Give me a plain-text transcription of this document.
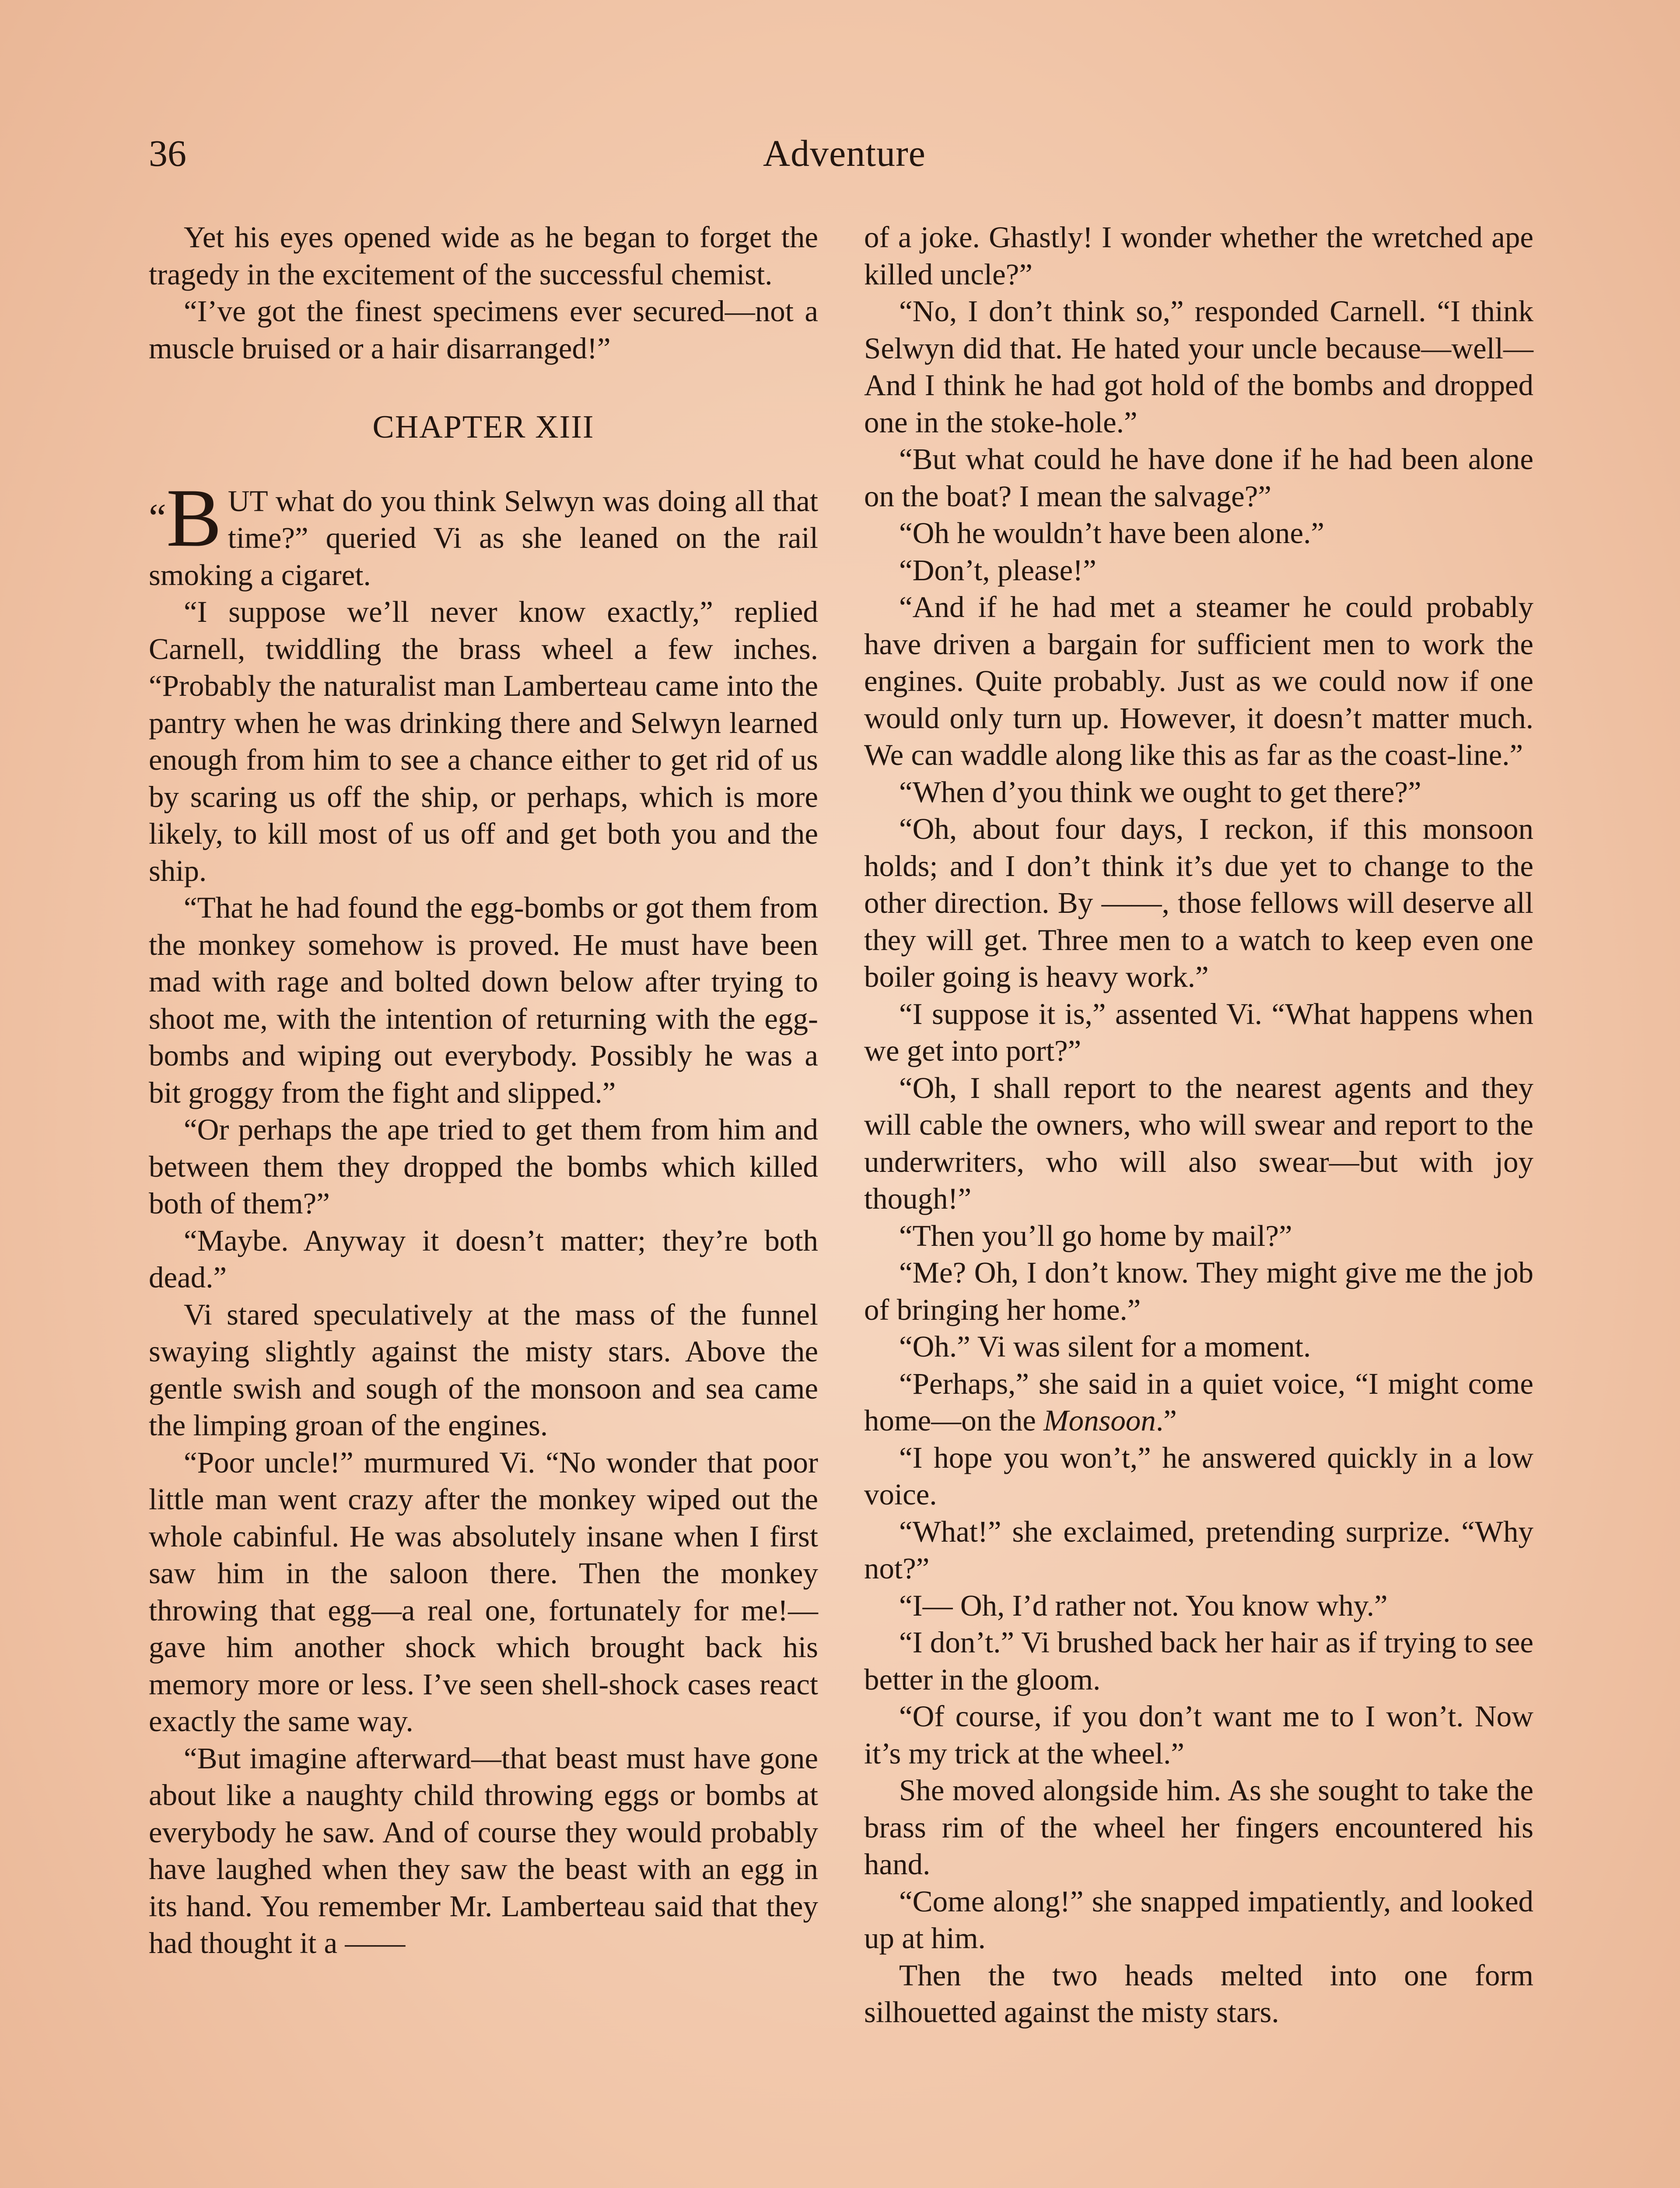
36	Adventure

Yet his eyes opened wide as he began to forget the tragedy in the excitement of the successful chemist.

“I’ve got the finest specimens ever secured—not a muscle bruised or a hair disarranged!”

CHAPTER XIII

“B UT what do you think Selwyn was doing all that time?” queried Vi as she leaned on the rail smoking a cigaret.

“I suppose we’ll never know exactly,” replied Carnell, twiddling the brass wheel a few inches. “Probably the naturalist man Lamberteau came into the pantry when he was drinking there and Selwyn learned enough from him to see a chance either to get rid of us by scaring us off the ship, or perhaps, which is more likely, to kill most of us off and get both you and the ship.

“That he had found the egg-bombs or got them from the monkey somehow is proved. He must have been mad with rage and bolted down below after trying to shoot me, with the intention of returning with the egg-bombs and wiping out everybody. Possibly he was a bit groggy from the fight and slipped.”

“Or perhaps the ape tried to get them from him and between them they dropped the bombs which killed both of them?”

“Maybe. Anyway it doesn’t matter; they’re both dead.”

Vi stared speculatively at the mass of the funnel swaying slightly against the misty stars. Above the gentle swish and sough of the monsoon and sea came the limping groan of the engines.

“Poor uncle!” murmured Vi. “No wonder that poor little man went crazy after the monkey wiped out the whole cabinful. He was absolutely insane when I first saw him in the saloon there. Then the monkey throwing that egg—a real one, fortunately for me!—gave him another shock which brought back his memory more or less. I’ve seen shell-shock cases react exactly the same way.

“But imagine afterward—that beast must have gone about like a naughty child throwing eggs or bombs at everybody he saw. And of course they would probably have laughed when they saw the beast with an egg in its hand. You remember Mr. Lamberteau said that they had thought it a ——

of a joke. Ghastly! I wonder whether the wretched ape killed uncle?”

“No, I don’t think so,” responded Carnell. “I think Selwyn did that. He hated your uncle because—well— And I think he had got hold of the bombs and dropped one in the stoke-hole.”

“But what could he have done if he had been alone on the boat? I mean the salvage?”

“Oh he wouldn’t have been alone.”

“Don’t, please!”

“And if he had met a steamer he could probably have driven a bargain for sufficient men to work the engines. Quite probably. Just as we could now if one would only turn up. However, it doesn’t matter much. We can waddle along like this as far as the coast-line.”

“When d’you think we ought to get there?”

“Oh, about four days, I reckon, if this monsoon holds; and I don’t think it’s due yet to change to the other direction. By ——, those fellows will deserve all they will get. Three men to a watch to keep even one boiler going is heavy work.”

“I suppose it is,” assented Vi. “What happens when we get into port?”

“Oh, I shall report to the nearest agents and they will cable the owners, who will swear and report to the underwriters, who will also swear—but with joy though!”

“Then you’ll go home by mail?”

“Me? Oh, I don’t know. They might give me the job of bringing her home.”

“Oh.” Vi was silent for a moment.

“Perhaps,” she said in a quiet voice, “I might come home—on the Monsoon.”

“I hope you won’t,” he answered quickly in a low voice.

“What!” she exclaimed, pretending surprize. “Why not?”

“I— Oh, I’d rather not. You know why.”

“I don’t.” Vi brushed back her hair as if trying to see better in the gloom.

“Of course, if you don’t want me to I won’t. Now it’s my trick at the wheel.”

She moved alongside him. As she sought to take the brass rim of the wheel her fingers encountered his hand.

“Come along!” she snapped impatiently, and looked up at him.

Then the two heads melted into one form silhouetted against the misty stars.
